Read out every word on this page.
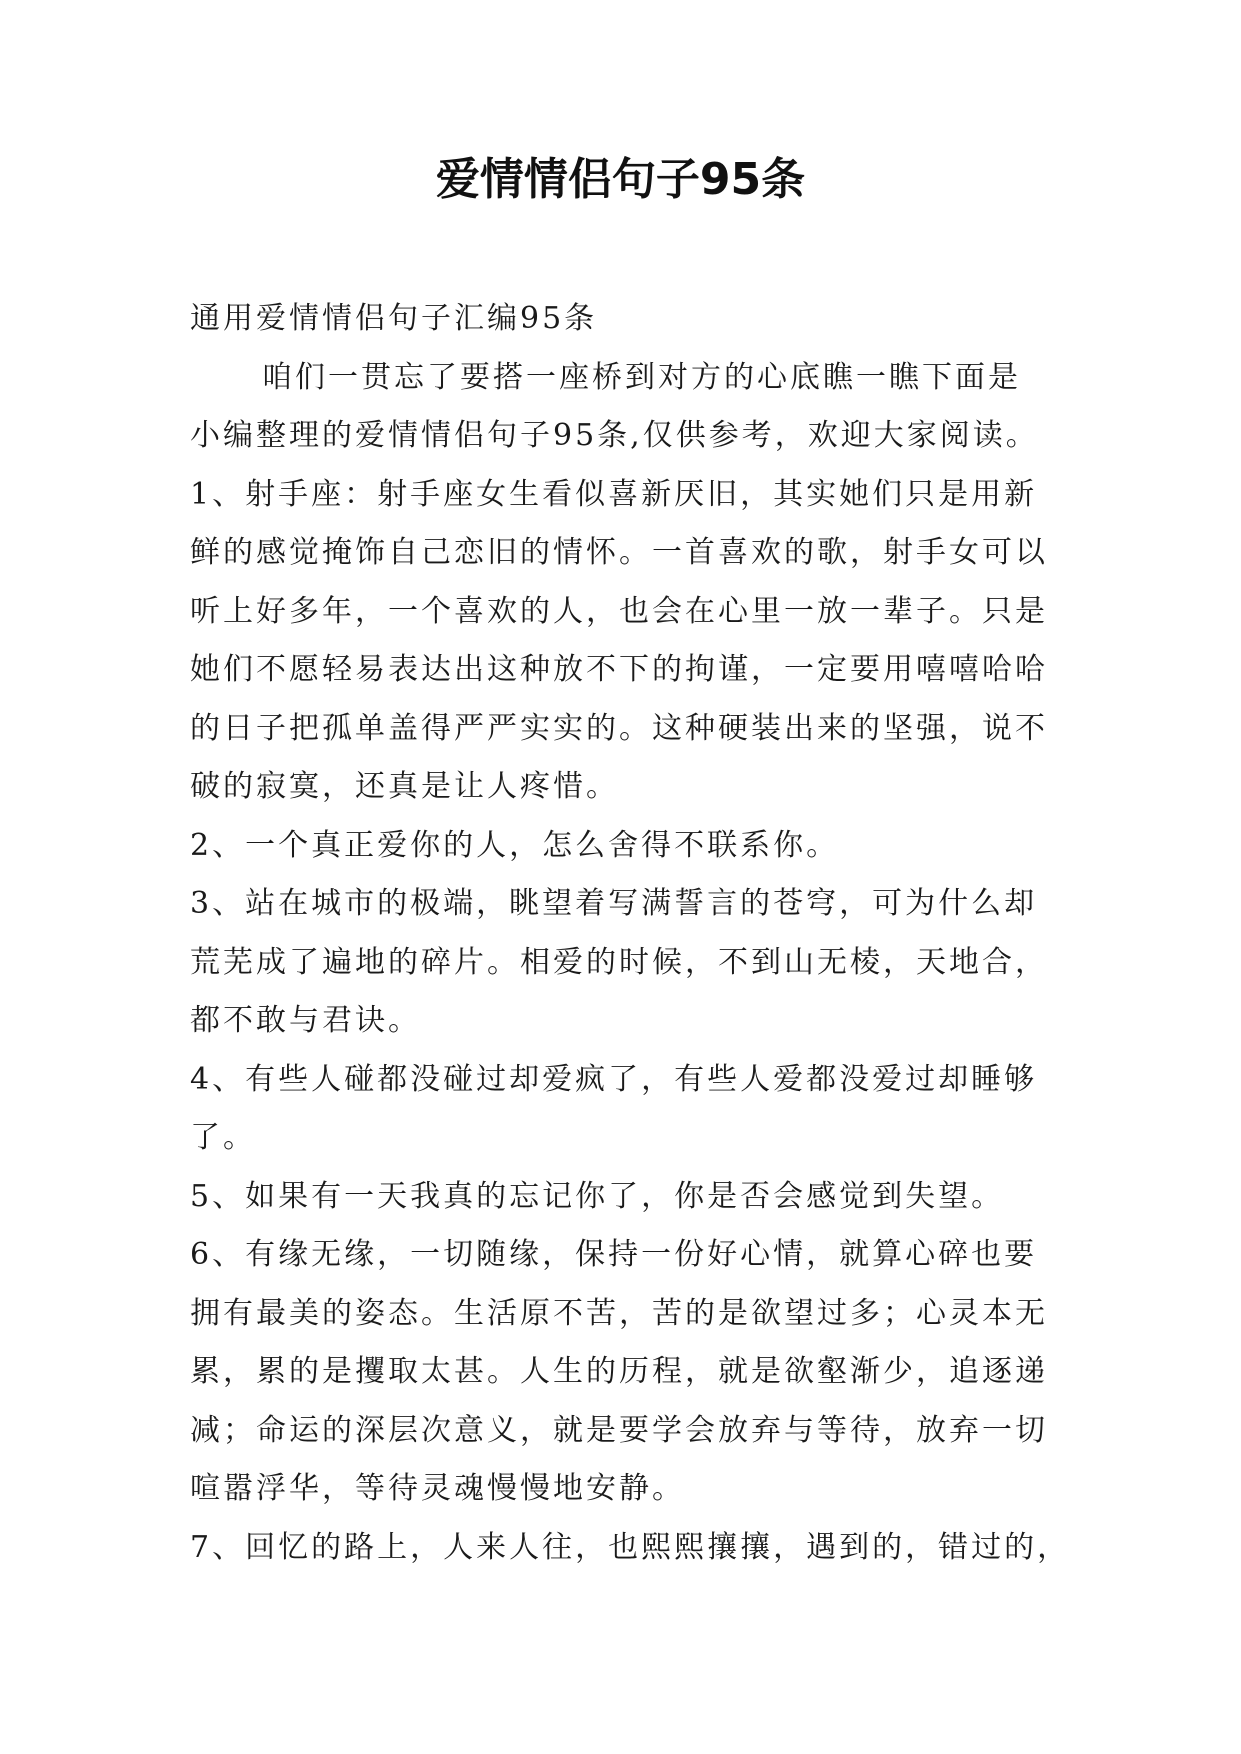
爱情情侣句子95条
通用爱情情侣句子汇编95条
咱们一贯忘了要搭一座桥到对方的心底瞧一瞧下面是
小编整理的爱情情侣句子95条,仅供参考，欢迎大家阅读。
1、射手座：射手座女生看似喜新厌旧，其实她们只是用新
鲜的感觉掩饰自己恋旧的情怀。一首喜欢的歌，射手女可以
听上好多年，一个喜欢的人，也会在心里一放一辈子。只是
她们不愿轻易表达出这种放不下的拘谨，一定要用嘻嘻哈哈
的日子把孤单盖得严严实实的。这种硬装出来的坚强，说不
破的寂寞，还真是让人疼惜。
2、一个真正爱你的人，怎么舍得不联系你。
3、站在城市的极端，眺望着写满誓言的苍穹，可为什么却
荒芜成了遍地的碎片。相爱的时候，不到山无棱，天地合，
都不敢与君诀。
4、有些人碰都没碰过却爱疯了，有些人爱都没爱过却睡够
了。
5、如果有一天我真的忘记你了，你是否会感觉到失望。
6、有缘无缘，一切随缘，保持一份好心情，就算心碎也要
拥有最美的姿态。生活原不苦，苦的是欲望过多；心灵本无
累，累的是攫取太甚。人生的历程，就是欲壑渐少，追逐递
减；命运的深层次意义，就是要学会放弃与等待，放弃一切
喧嚣浮华，等待灵魂慢慢地安静。
7、回忆的路上，人来人往，也熙熙攘攘，遇到的，错过的，
